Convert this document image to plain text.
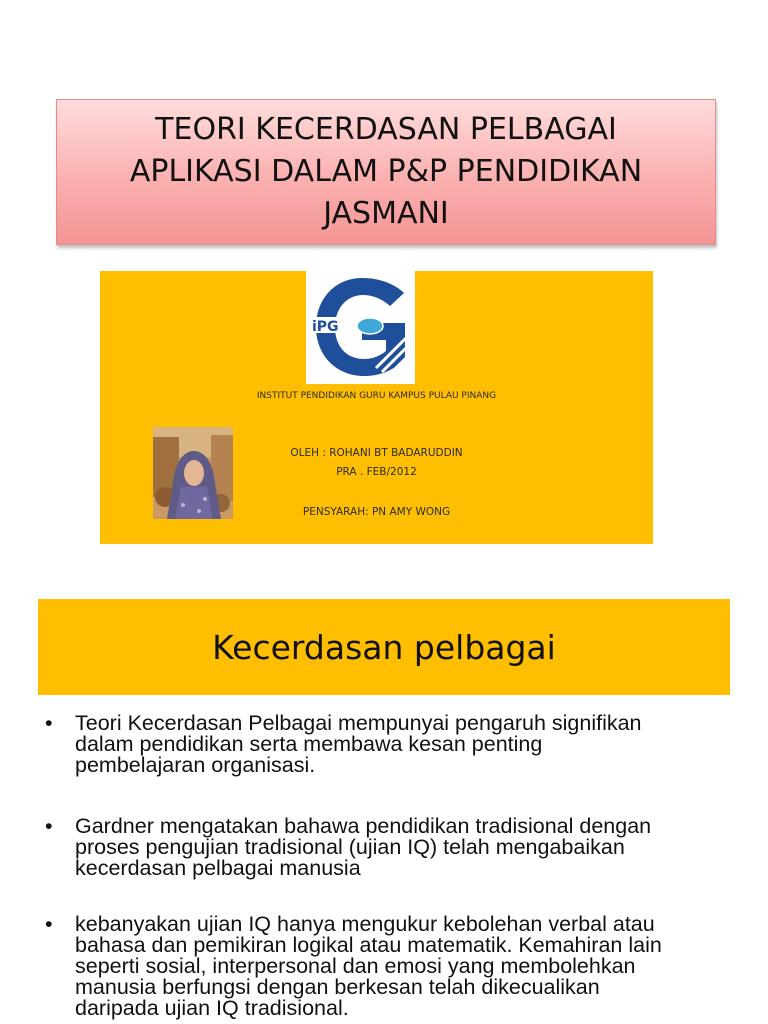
TEORI KECERDASAN PELBAGAI
APLIKASI DALAM P&P PENDIDIKAN
JASMANI
iPG
INSTITUT PENDIDIKAN GURU KAMPUS PULAU PINANG
OLEH : ROHANI BT BADARUDDIN
PRA . FEB/2012
PENSYARAH: PN AMY WONG
Kecerdasan pelbagai
• Teori Kecerdasan Pelbagai mempunyai pengaruh signifikan
dalam pendidikan serta membawa kesan penting
pembelajaran organisasi.
• Gardner mengatakan bahawa pendidikan tradisional dengan
proses pengujian tradisional (ujian IQ) telah mengabaikan
kecerdasan pelbagai manusia
• kebanyakan ujian IQ hanya mengukur kebolehan verbal atau
bahasa dan pemikiran logikal atau matematik. Kemahiran lain
seperti sosial, interpersonal dan emosi yang membolehkan
manusia berfungsi dengan berkesan telah dikecualikan
daripada ujian IQ tradisional.
